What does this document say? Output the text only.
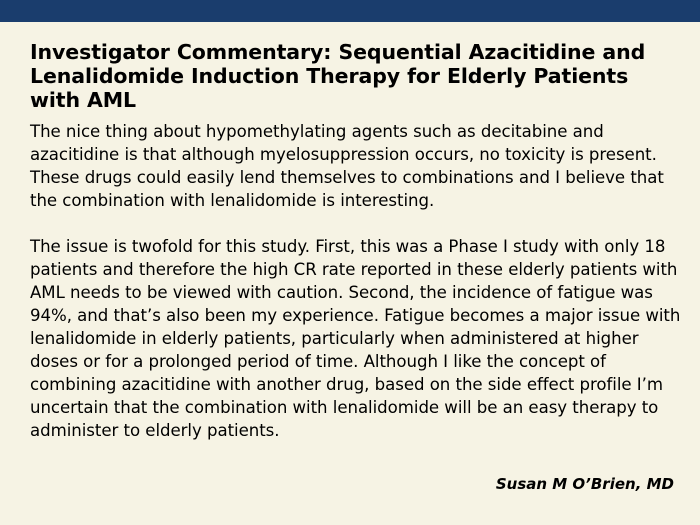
Investigator Commentary: Sequential Azacitidine and Lenalidomide Induction Therapy for Elderly Patients with AML

The nice thing about hypomethylating agents such as decitabine and azacitidine is that although myelosuppression occurs, no toxicity is present. These drugs could easily lend themselves to combinations and I believe that the combination with lenalidomide is interesting.

The issue is twofold for this study. First, this was a Phase I study with only 18 patients and therefore the high CR rate reported in these elderly patients with AML needs to be viewed with caution. Second, the incidence of fatigue was 94%, and that’s also been my experience. Fatigue becomes a major issue with lenalidomide in elderly patients, particularly when administered at higher doses or for a prolonged period of time. Although I like the concept of combining azacitidine with another drug, based on the side effect profile I’m uncertain that the combination with lenalidomide will be an easy therapy to administer to elderly patients.

Susan M O’Brien, MD
